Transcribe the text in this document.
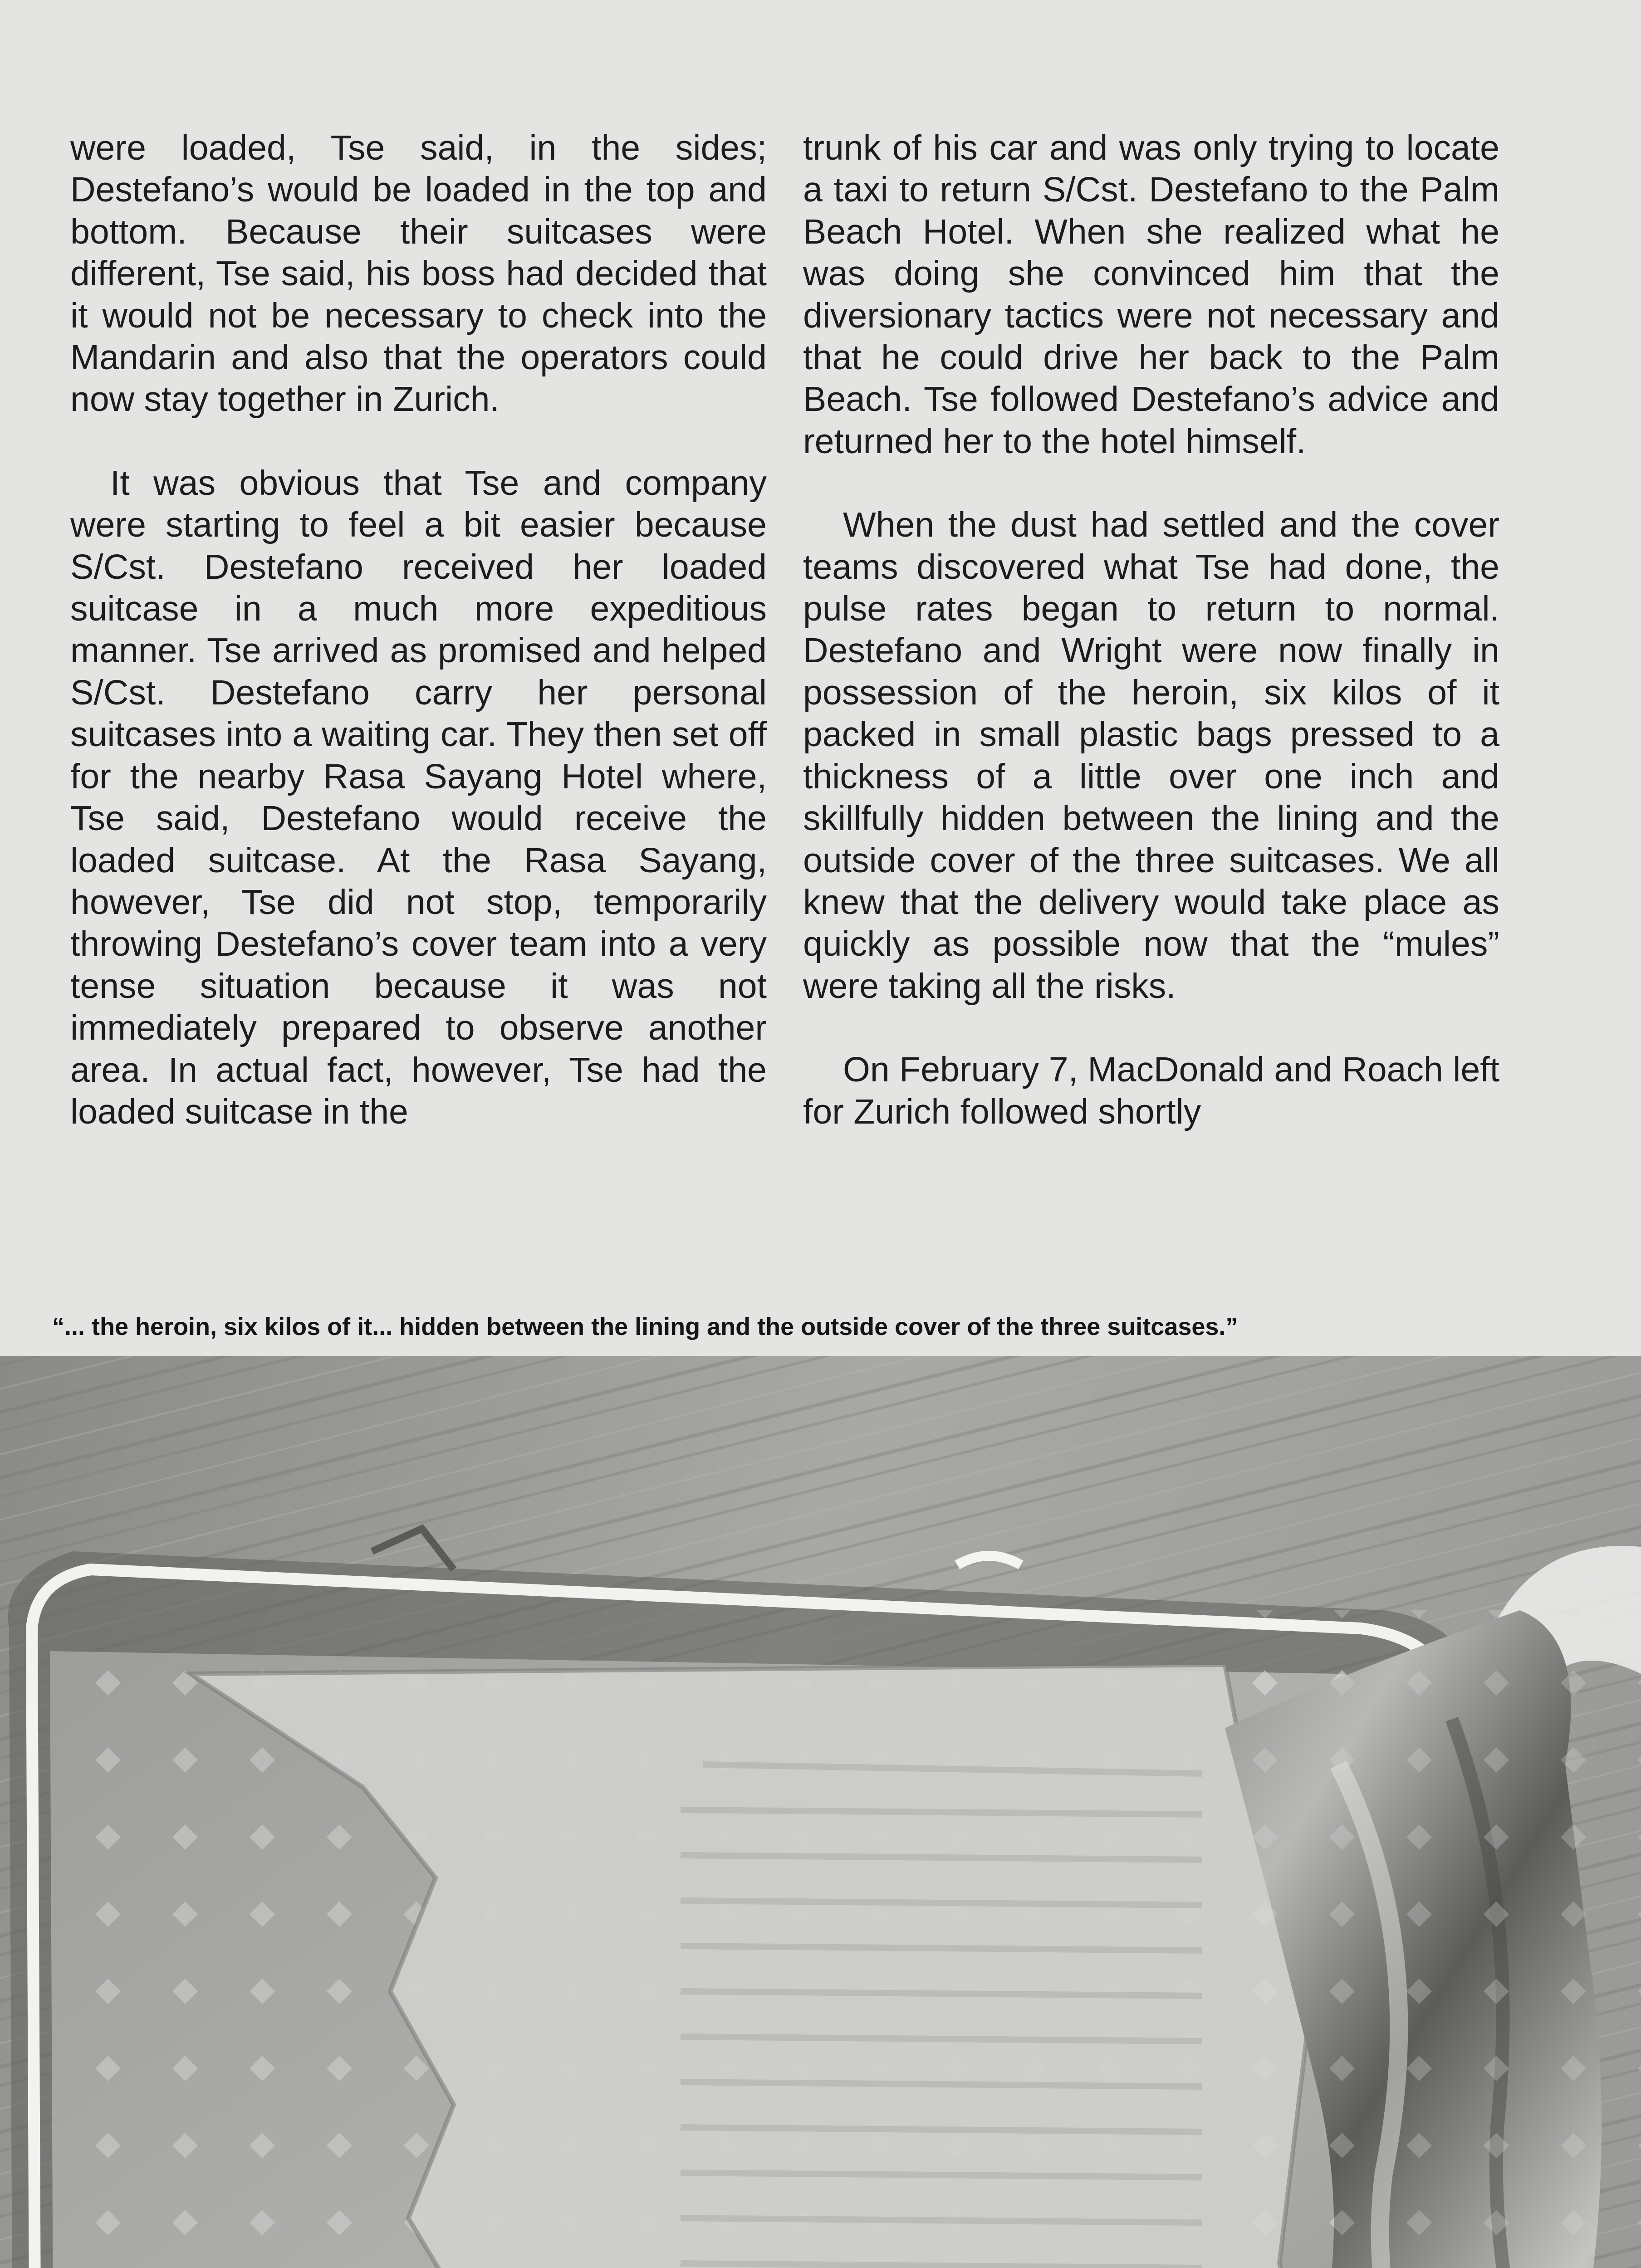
were loaded, Tse said, in the sides; Destefano’s would be loaded in the top and bottom. Because their suitcases were different, Tse said, his boss had decided that it would not be necessary to check into the Mandarin and also that the operators could now stay together in Zurich.

It was obvious that Tse and company were starting to feel a bit easier because S/Cst. Destefano received her loaded suitcase in a much more expeditious manner. Tse arrived as promised and helped S/Cst. Destefano carry her personal suitcases into a waiting car. They then set off for the nearby Rasa Sayang Hotel where, Tse said, Destefano would receive the loaded suitcase. At the Rasa Sayang, however, Tse did not stop, temporarily throwing Destefano’s cover team into a very tense situation because it was not immediately prepared to observe another area. In actual fact, however, Tse had the loaded suitcase in the

trunk of his car and was only trying to locate a taxi to return S/Cst. Destefano to the Palm Beach Hotel. When she realized what he was doing she convinced him that the diversionary tactics were not necessary and that he could drive her back to the Palm Beach. Tse followed Destefano’s advice and returned her to the hotel himself.

When the dust had settled and the cover teams discovered what Tse had done, the pulse rates began to return to normal. Destefano and Wright were now finally in possession of the heroin, six kilos of it packed in small plastic bags pressed to a thickness of a little over one inch and skillfully hidden between the lining and the outside cover of the three suitcases. We all knew that the delivery would take place as quickly as possible now that the “mules” were taking all the risks.

On February 7, MacDonald and Roach left for Zurich followed shortly

“... the heroin, six kilos of it... hidden between the lining and the outside cover of the three suitcases.”
